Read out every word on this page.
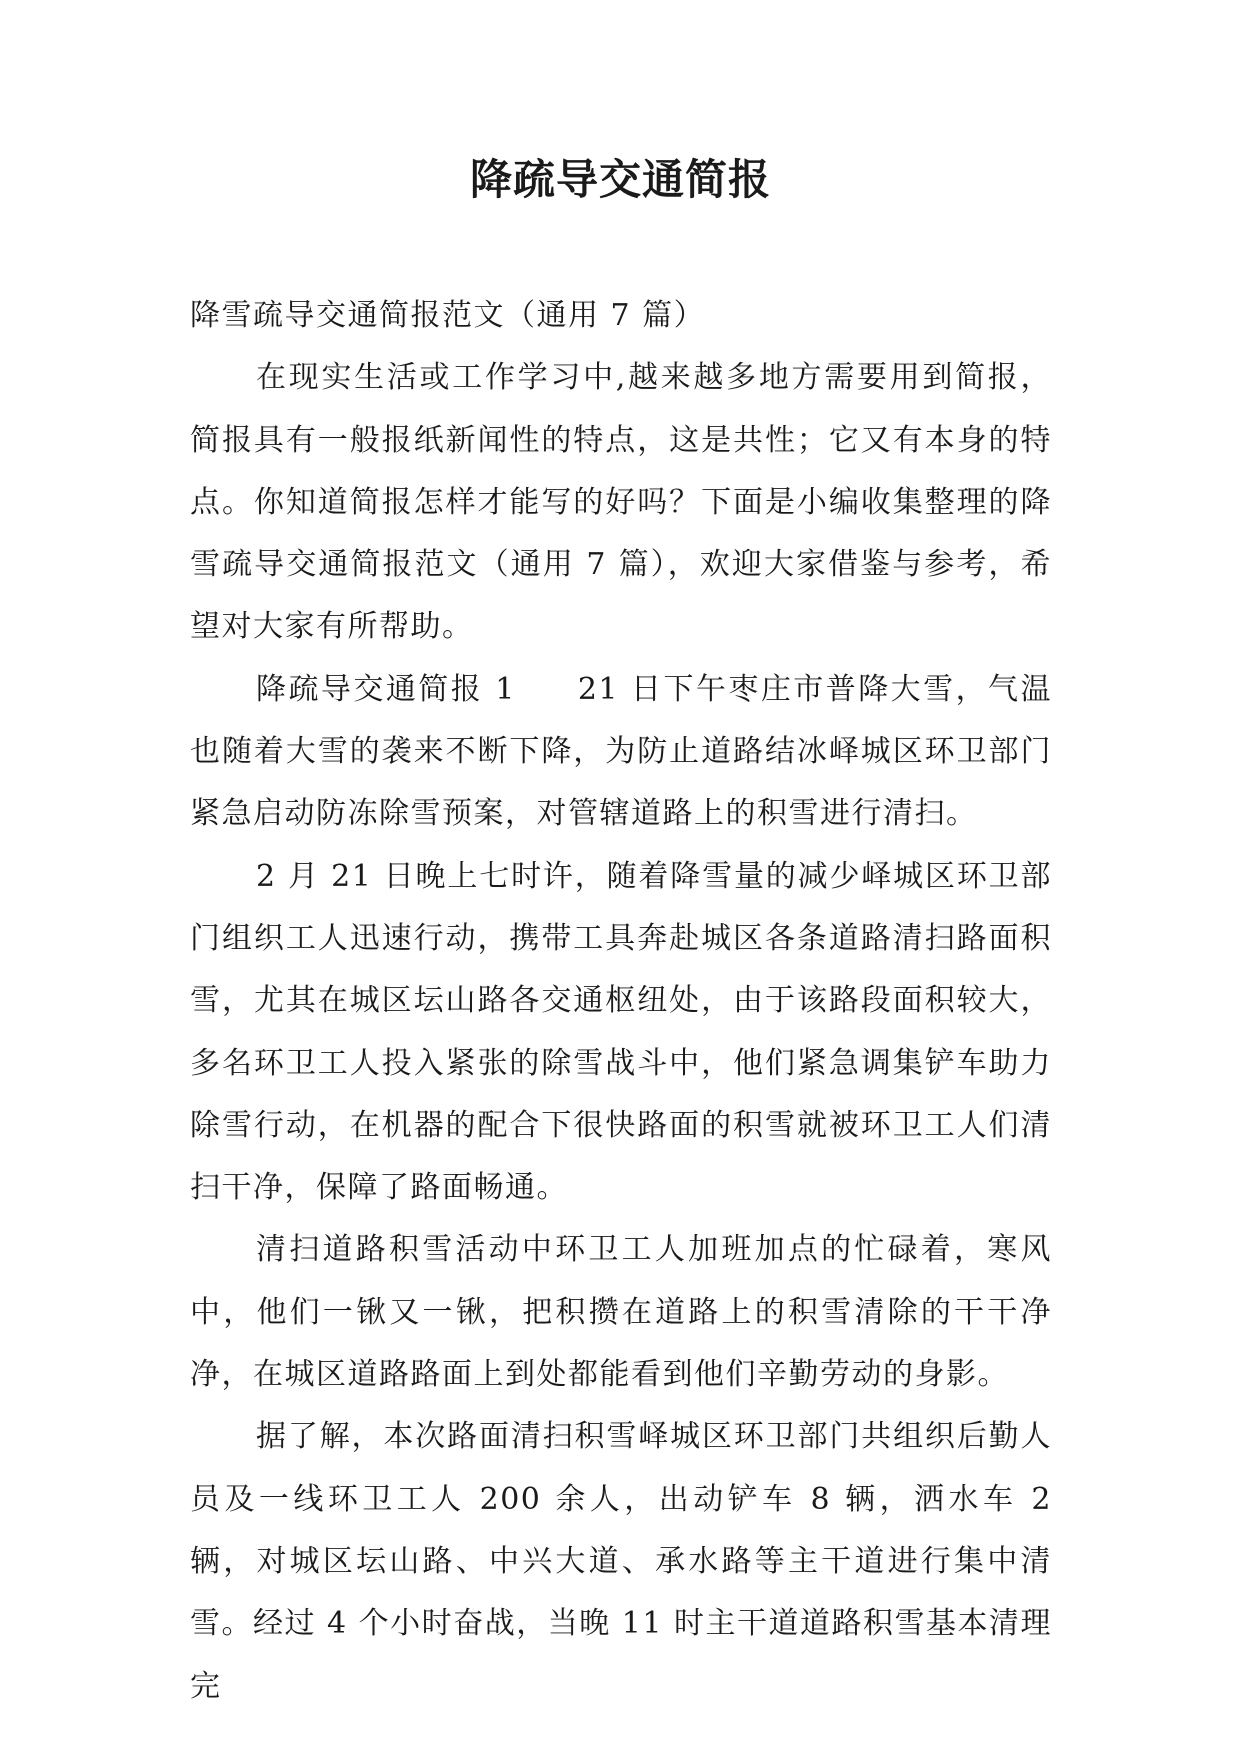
降疏导交通简报

降雪疏导交通简报范文（通用 7 篇）

在现实生活或工作学习中,越来越多地方需要用到简报，简报具有一般报纸新闻性的特点，这是共性；它又有本身的特点。你知道简报怎样才能写的好吗？下面是小编收集整理的降雪疏导交通简报范文（通用 7 篇），欢迎大家借鉴与参考，希望对大家有所帮助。

降疏导交通简报 1 21 日下午枣庄市普降大雪，气温也随着大雪的袭来不断下降，为防止道路结冰峄城区环卫部门紧急启动防冻除雪预案，对管辖道路上的积雪进行清扫。

2 月 21 日晚上七时许，随着降雪量的减少峄城区环卫部门组织工人迅速行动，携带工具奔赴城区各条道路清扫路面积雪，尤其在城区坛山路各交通枢纽处，由于该路段面积较大，多名环卫工人投入紧张的除雪战斗中，他们紧急调集铲车助力除雪行动，在机器的配合下很快路面的积雪就被环卫工人们清扫干净，保障了路面畅通。

清扫道路积雪活动中环卫工人加班加点的忙碌着，寒风中，他们一锹又一锹，把积攒在道路上的积雪清除的干干净净，在城区道路路面上到处都能看到他们辛勤劳动的身影。

据了解，本次路面清扫积雪峄城区环卫部门共组织后勤人员及一线环卫工人 200 余人，出动铲车 8 辆，洒水车 2 辆，对城区坛山路、中兴大道、承水路等主干道进行集中清雪。经过 4 个小时奋战，当晚 11 时主干道道路积雪基本清理完
